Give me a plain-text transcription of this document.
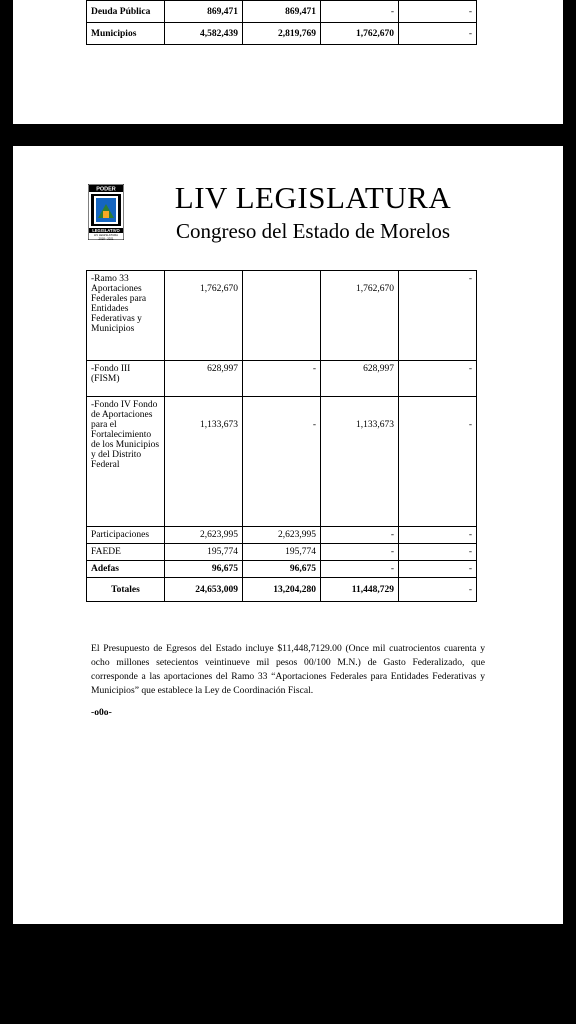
Deuda Pública	869,471	869,471	-	-
Municipios	4,582,439	2,819,769	1,762,670	-
PODER
LEGISLATIVO
LIV LEGISLATURA
2018 - 2021
LIV LEGISLATURA
Congreso del Estado de Morelos
-Ramo 33 Aportaciones Federales para Entidades Federativas y Municipios	1,762,670		1,762,670	-
-Fondo III (FISM)	628,997	-	628,997	-
-Fondo IV Fondo de Aportaciones para el Fortalecimiento de los Municipios y del Distrito Federal	1,133,673	-	1,133,673	-

Participaciones	2,623,995	2,623,995	-	-
FAEDE	195,774	195,774	-	-
Adefas	96,675	96,675	-	-
Totales	24,653,009	13,204,280	11,448,729	-
El Presupuesto de Egresos del Estado incluye $11,448,7129.00 (Once mil cuatrocientos cuarenta y ocho millones setecientos veintinueve mil pesos 00/100 M.N.) de Gasto Federalizado, que corresponde a las aportaciones del Ramo 33 “Aportaciones Federales para Entidades Federativas y Municipios” que establece la Ley de Coordinación Fiscal.
-o0o-
